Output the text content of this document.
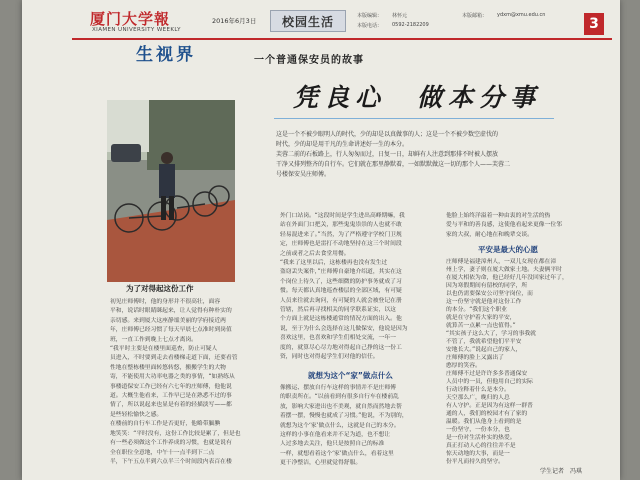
厦门大学報
XIAMEN UNIVERSITY WEEKLY
2016年6月3日	校园生活	本版编辑： 林怀元	本版邮箱： ydxm@xmu.edu.cn
本版电话： 0592-2182209	3
生视界	一个普通保安员的故事
凭良心　做本分事
这是一个不被少眼明人的时代，少的却是以真做事的人；这是一个不被少数空虚伐的
时代，少的却是用干凡的生命讲述好一生的本分。
芙蓉二前的石板路上，行人匆匆而过，日复一日，却鲜有人注意到那排不时被人摆放
干净又排列整齐的自行车。它们就在那里静默着，一如默默做这一切的那个人——芙蓉二
号楼保安吴庄师傅。
为了对得起这份工作
初见庄师傅时，他的身形并不很高壮，面容
平和，说话时眼睛眯起来，让人觉得有种朴实的
亲切感。来到厦大这座静谧美丽的学府接近两
年，庄师傅已经习惯了每天早晨七点准时到岗值
班，一直工作到晚上七点才离岗。
“我平时主要是在楼里面巡查，防止可疑人
员进入，不时要到走去看楼梯走道下面，还要看管
性地在整栋楼里面转悠转悠，搬搬学生的大物
寄，不能使用大功率电器之类的事情，“如熟练从
事楼道保安工作已经有六七年的庄师傅，他他说
道。大概生他看来，工作早已是在熟悉不过的事
情了，所以说起来也显是有着的轻描淡写——都
是些轻松愉快之感。
在楼前的自行车工作是否更好，他略带腼腆
地笑笑：“平时没有，这份工作比较是累了，但是也
有一些必须做这个工作养成的习惯，也就是说有
全在职位全意地，中午十一点半到下二点
半，下午五点半到六点半三个时间段内表百在楼
外门口站岗。“这段时间是学生进出高峰期嘛，我
站在外面门口把关，那些鬼鬼祟祟的人也就不敢
轻易混进来了。”当然，为了严格遵守学校门卫规
定，庄师傅也是雷打不动地坚持在这三个时间段
之前或者之后去食堂用餐。
“我来了这里以后，这栋楼再也没有发生过
盗窃丢失案件，”庄师傅自豪地介绍道，其实在这
个岗位上待久了，这些细微的防护事务就成了习
惯。每天都认真地巡查楼层的全部区域，有可疑
人员来往就去询问，有可疑的人就会被登记在册
管辖，然后再寻找相关的同学联系证实，以这
个方面上就是这栋楼通常的情况方面的出入。他
说，至于为什么会选择在这儿做保安，他说是因为
喜欢这里，也喜欢和学生们相处交流，一年一
度的，就算尽心尽力地对得起自己挣的这一份工
资，同时也对得起学生们对他的信任。
就想为这个“家”做点什么
像搬运、摆放自行车这样的事情并不是庄师傅
的职责所在。“以前看到有很多自行车在楼前乱
放，影响大家进出也不美观，就自然而然地去帮
着摆一摆，慢慢也就成了习惯。”他说，不为别的，
就想为这个‘家’做点什么，这就是自己的本分。
这样的小事在他看来并不足为道，也不想让
人过多地去关注，他只是按照自己的标准
一样，就想看着这个‘家’做点什么，看着这里
更干净整洁，心里就觉得舒服。
他脸上始终洋溢着一种由衷的对生活的热
爱与平和的善良感，这使他看起来更像一位邻
家的大叔，耐心地在和晚辈交谈。
平安是最大的心愿
庄师傅是福建漳州人，一双儿女现在都在漳
州上学，妻子则在厦大做家土地。夫妻俩平时
在厦大相依为命，他已经好几年没回家过年了，
因为寒假期间有留校的同学，所
以也仍需要保安公司坚守岗位，而
这一份坚守就是他对这份工作
的本分。“我们这个职业
就是在守护着大家的平安，
就算苦一点累一点也值得。”
“其实孩子这么大了，学习的事我就
不管了，我就希望他们平平安
安地长大。”说起自己的家人，
庄师傅的脸上又露出了
憨厚的笑容。
庄师傅不过是许许多多普通保安
人员中的一员，但他用自己的实际
行动诠释着什么是本分。
天空那么广，晚归的人总
有人守护。正是因为有这样一群普
通的人，我们的校园才有了家的
温暖。我们从他身上看到的是
一份坚守，一份本分，也
是一份对生活朴实的热爱。
真正打动人心的往往并不是
惊天动地的大事，而是一
份平凡而持久的坚守。
学生记者　冯琪
